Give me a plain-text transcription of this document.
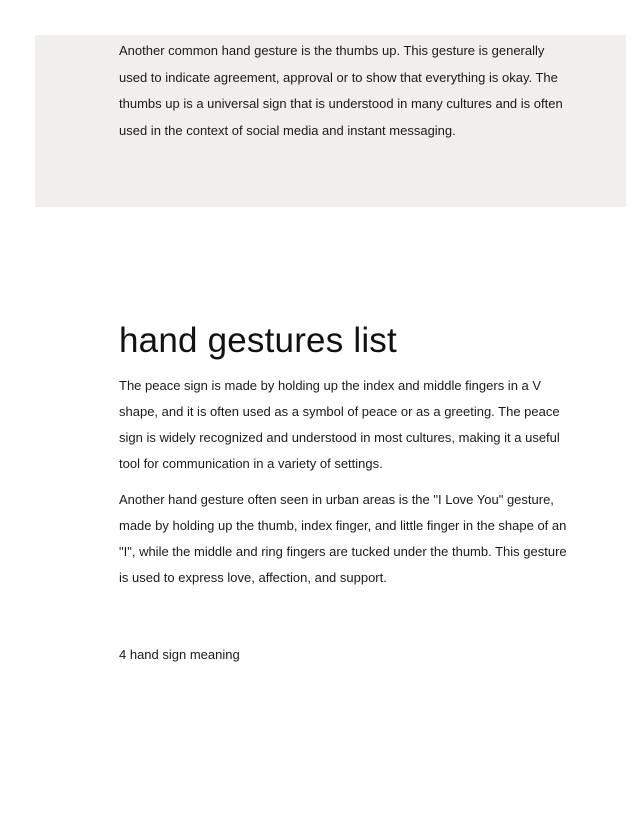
Another common hand gesture is the thumbs up. This gesture is generally used to indicate agreement, approval or to show that everything is okay. The thumbs up is a universal sign that is understood in many cultures and is often used in the context of social media and instant messaging.

hand gestures list

The peace sign is made by holding up the index and middle fingers in a V shape, and it is often used as a symbol of peace or as a greeting. The peace sign is widely recognized and understood in most cultures, making it a useful tool for communication in a variety of settings.

Another hand gesture often seen in urban areas is the "I Love You" gesture, made by holding up the thumb, index finger, and little finger in the shape of an "I", while the middle and ring fingers are tucked under the thumb. This gesture is used to express love, affection, and support.

4 hand sign meaning
